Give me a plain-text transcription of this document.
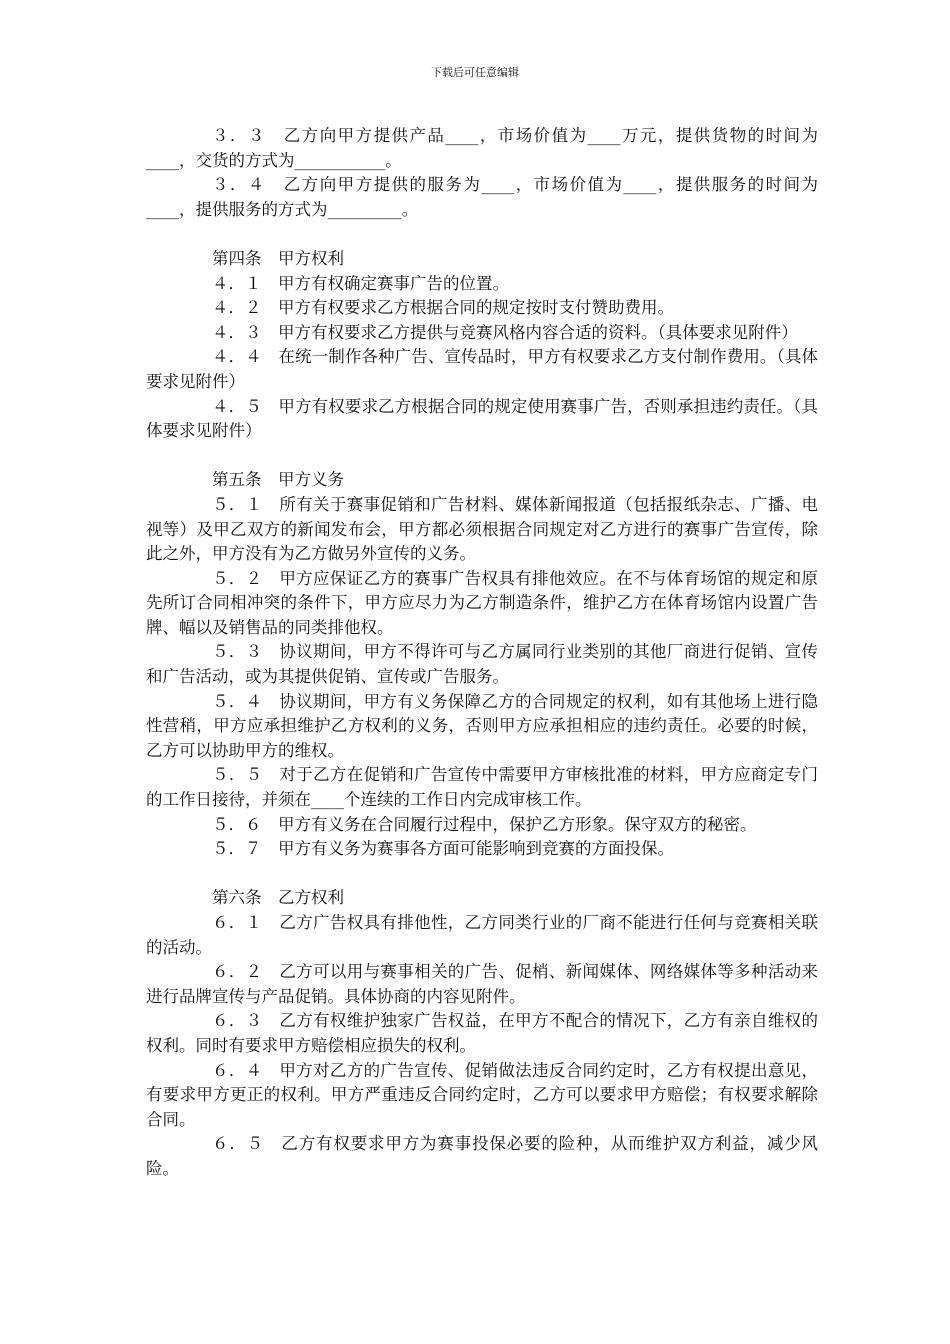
下载后可任意编辑

３．３　乙方向甲方提供产品____，市场价值为____万元，提供货物的时间为____，交货的方式为___________。

３．４　乙方向甲方提供的服务为____，市场价值为____，提供服务的时间为____，提供服务的方式为_________。

第四条　甲方权利

４．１　甲方有权确定赛事广告的位置。

４．２　甲方有权要求乙方根据合同的规定按时支付赞助费用。

４．３　甲方有权要求乙方提供与竞赛风格内容合适的资料。（具体要求见附件）

４．４　在统一制作各种广告、宣传品时，甲方有权要求乙方支付制作费用。（具体要求见附件）

４．５　甲方有权要求乙方根据合同的规定使用赛事广告，否则承担违约责任。（具体要求见附件）

第五条　甲方义务

５．１　所有关于赛事促销和广告材料、媒体新闻报道（包括报纸杂志、广播、电视等）及甲乙双方的新闻发布会，甲方都必须根据合同规定对乙方进行的赛事广告宣传，除此之外，甲方没有为乙方做另外宣传的义务。

５．２　甲方应保证乙方的赛事广告权具有排他效应。在不与体育场馆的规定和原先所订合同相冲突的条件下，甲方应尽力为乙方制造条件，维护乙方在体育场馆内设置广告牌、幅以及销售品的同类排他权。

５．３　协议期间，甲方不得许可与乙方属同行业类别的其他厂商进行促销、宣传和广告活动，或为其提供促销、宣传或广告服务。

５．４　协议期间，甲方有义务保障乙方的合同规定的权利，如有其他场上进行隐性营稍，甲方应承担维护乙方权利的义务，否则甲方应承担相应的违约责任。必要的时候，乙方可以协助甲方的维权。

５．５　对于乙方在促销和广告宣传中需要甲方审核批准的材料，甲方应商定专门的工作日接待，并须在____个连续的工作日内完成审核工作。

５．６　甲方有义务在合同履行过程中，保护乙方形象。保守双方的秘密。

５．７　甲方有义务为赛事各方面可能影响到竞赛的方面投保。

第六条　乙方权利

６．１　乙方广告权具有排他性，乙方同类行业的厂商不能进行任何与竞赛相关联的活动。

６．２　乙方可以用与赛事相关的广告、促梢、新闻媒体、网络媒体等多种活动来进行品牌宣传与产品促销。具体协商的内容见附件。

６．３　乙方有权维护独家广告权益，在甲方不配合的情况下，乙方有亲自维权的权利。同时有要求甲方赔偿相应损失的权利。

６．４　甲方对乙方的广告宣传、促销做法违反合同约定时，乙方有权提出意见，有要求甲方更正的权利。甲方严重违反合同约定时，乙方可以要求甲方赔偿；有权要求解除合同。

６．５　乙方有权要求甲方为赛事投保必要的险种，从而维护双方利益，减少风险。
